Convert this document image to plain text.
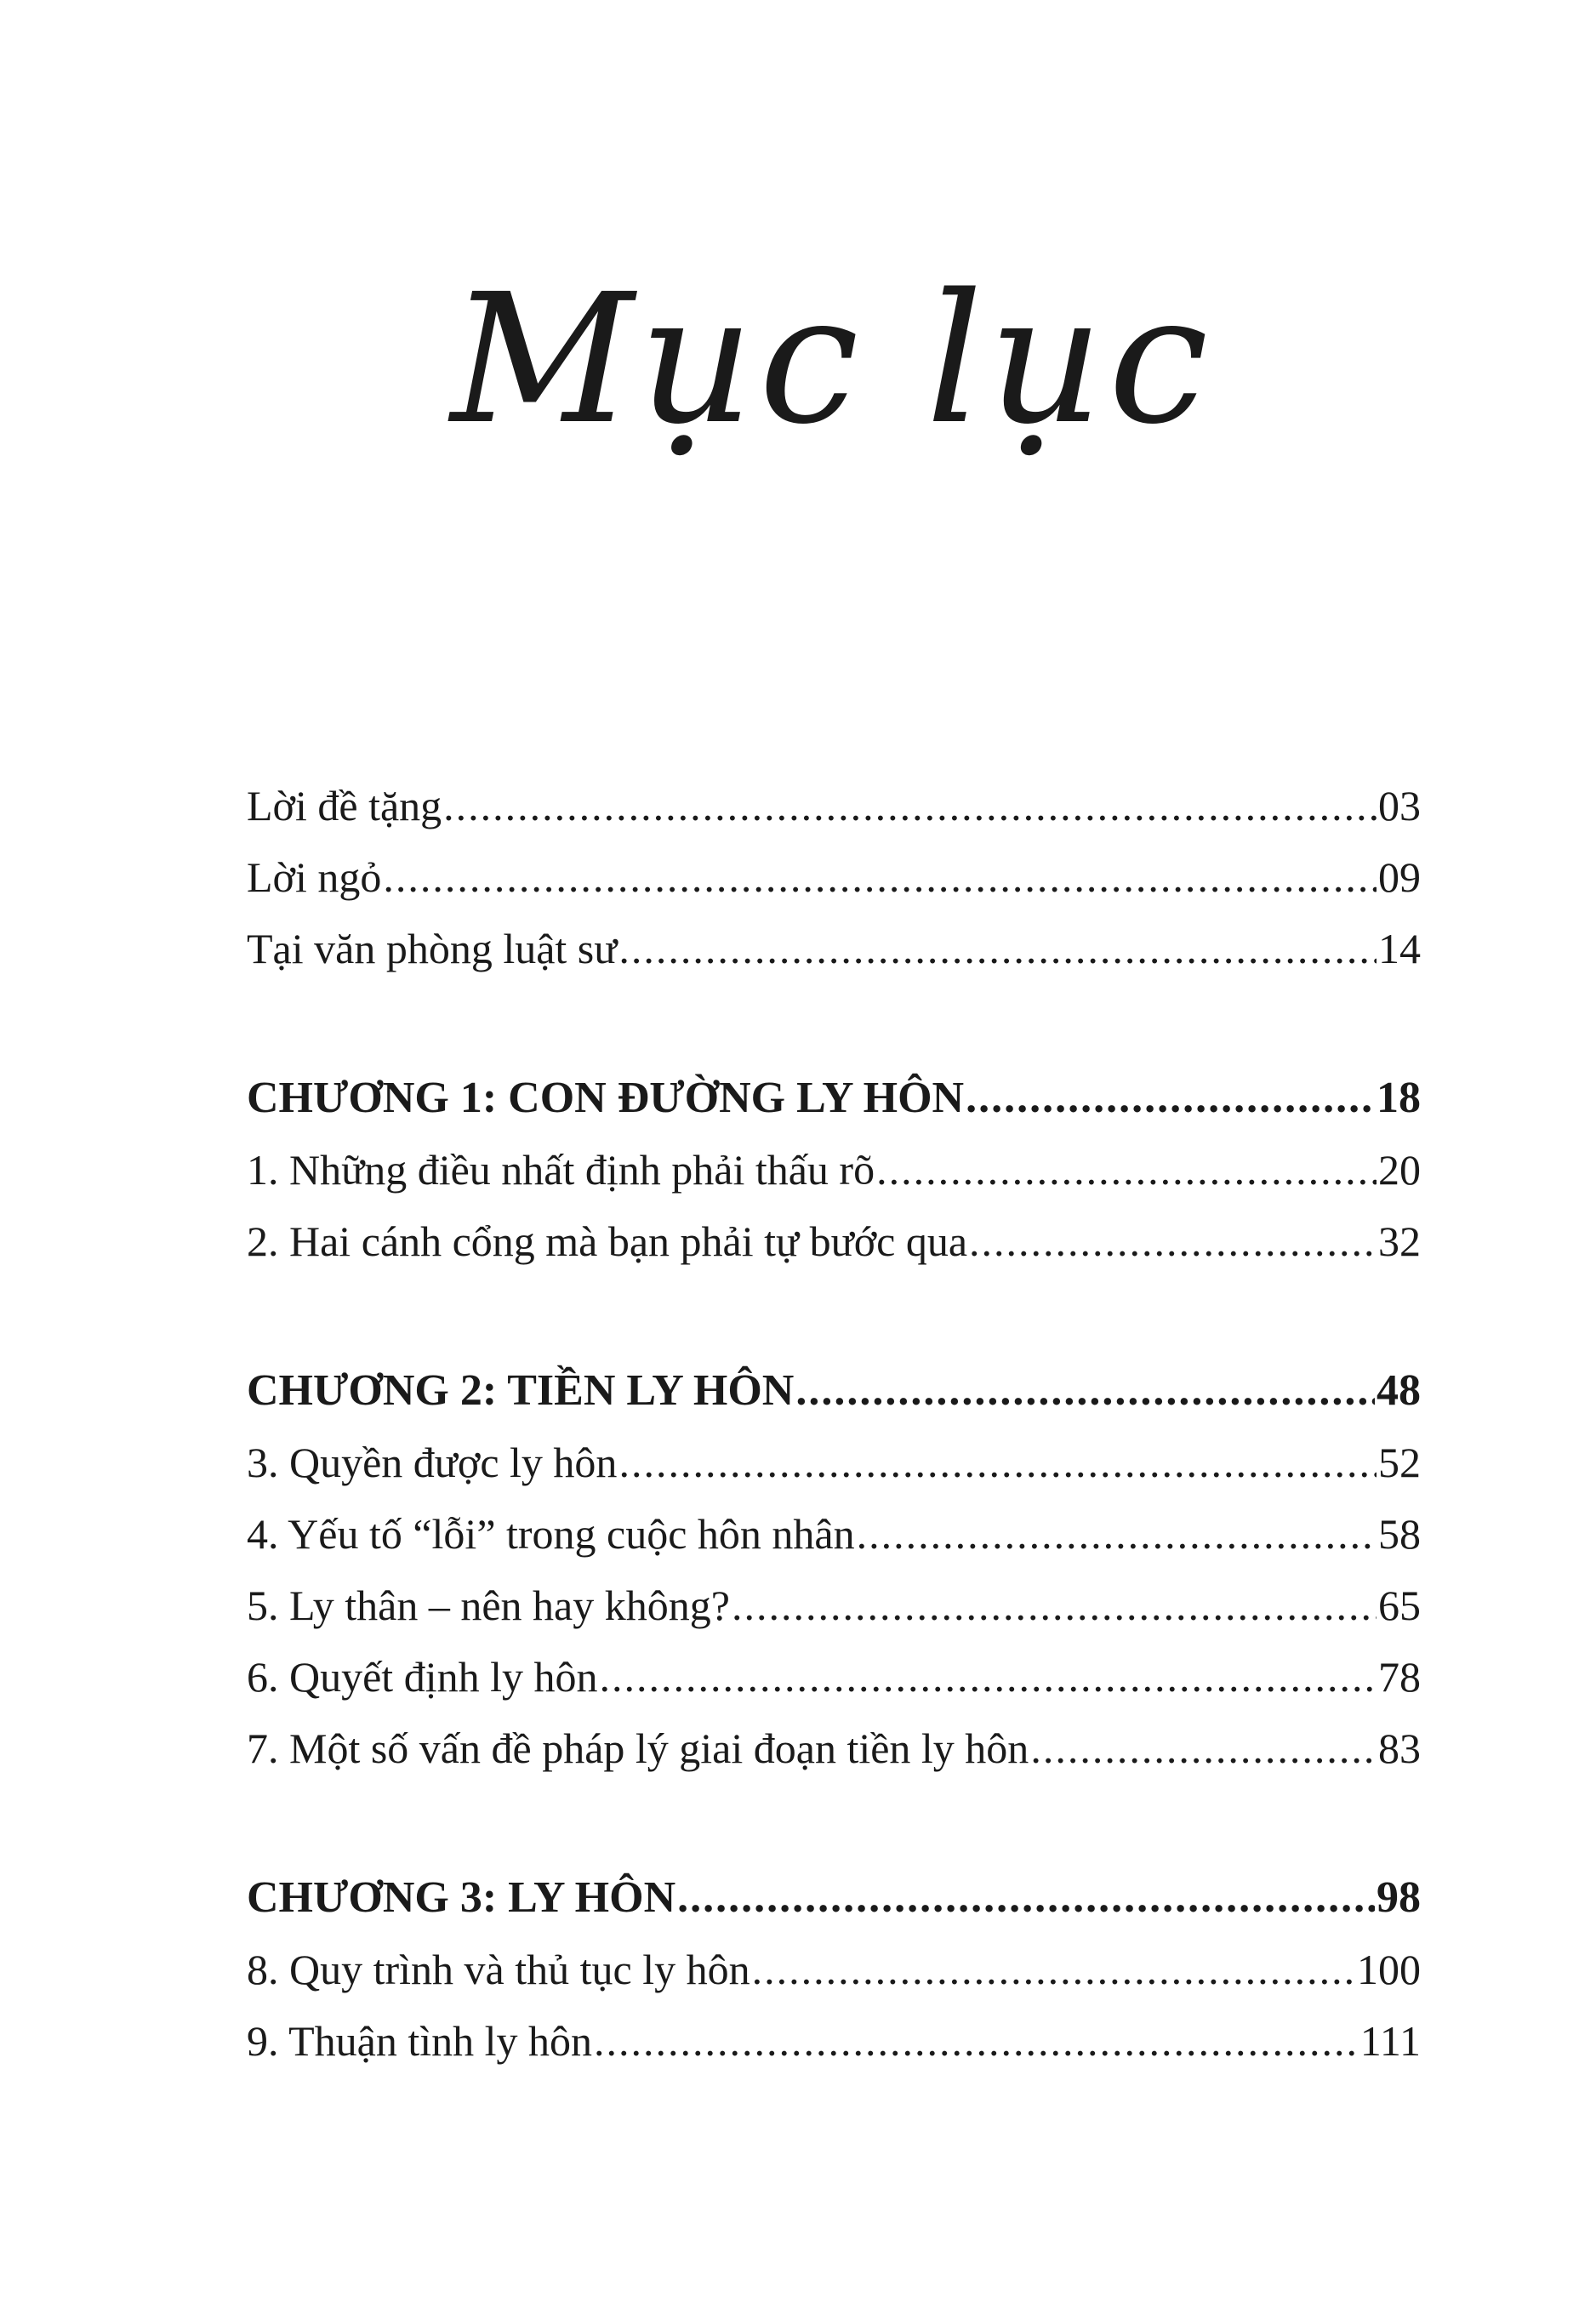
Mục lục
Lời đề tặng .....	03
Lời ngỏ .....	09
Tại văn phòng luật sư .....	14
CHƯƠNG 1: CON ĐƯỜNG LY HÔN .....	18
1. Những điều nhất định phải thấu rõ .....	20
2. Hai cánh cổng mà bạn phải tự bước qua .....	32
CHƯƠNG 2: TIỀN LY HÔN .....	48
3. Quyền được ly hôn .....	52
4. Yếu tố “lỗi” trong cuộc hôn nhân .....	58
5. Ly thân – nên hay không? .....	65
6. Quyết định ly hôn .....	78
7. Một số vấn đề pháp lý giai đoạn tiền ly hôn .....	83
CHƯƠNG 3: LY HÔN .....	98
8. Quy trình và thủ tục ly hôn .....	100
9. Thuận tình ly hôn .....	111
